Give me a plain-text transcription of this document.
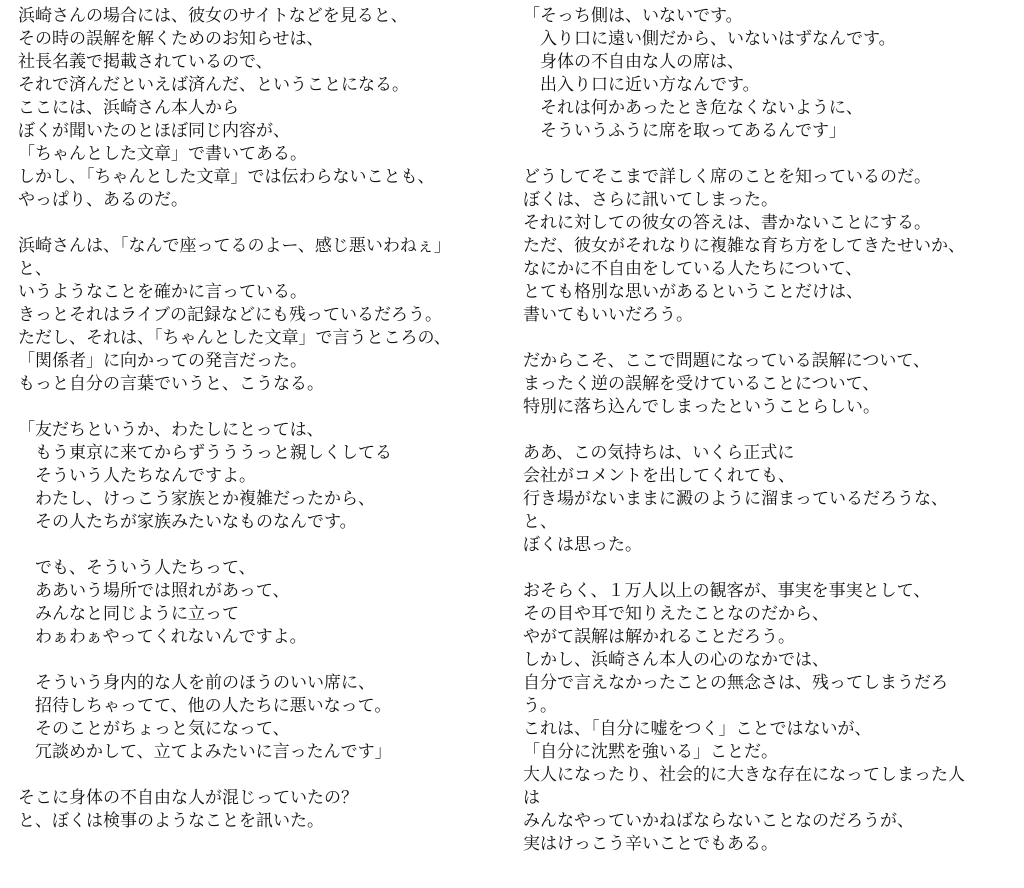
浜崎さんの場合には、彼女のサイトなどを見ると、
その時の誤解を解くためのお知らせは、
社長名義で掲載されているので、
それで済んだといえば済んだ、ということになる。
ここには、浜崎さん本人から
ぼくが聞いたのとほぼ同じ内容が、
「ちゃんとした文章」で書いてある。
しかし、「ちゃんとした文章」では伝わらないことも、
やっぱり、あるのだ。
浜崎さんは、「なんで座ってるのよー、感じ悪いわねぇ」
と、
いうようなことを確かに言っている。
きっとそれはライブの記録などにも残っているだろう。
ただし、それは、「ちゃんとした文章」で言うところの、
「関係者」に向かっての発言だった。
もっと自分の言葉でいうと、こうなる。
「友だちというか、わたしにとっては、
　もう東京に来てからずうううっと親しくしてる
　そういう人たちなんですよ。
　わたし、けっこう家族とか複雑だったから、
　その人たちが家族みたいなものなんです。
　でも、そういう人たちって、
　ああいう場所では照れがあって、
　みんなと同じように立って
　わぁわぁやってくれないんですよ。
　そういう身内的な人を前のほうのいい席に、
　招待しちゃってて、他の人たちに悪いなって。
　そのことがちょっと気になって、
　冗談めかして、立てよみたいに言ったんです」
そこに身体の不自由な人が混じっていたの？
と、ぼくは検事のようなことを訊いた。
「そっち側は、いないです。
　入り口に遠い側だから、いないはずなんです。
　身体の不自由な人の席は、
　出入り口に近い方なんです。
　それは何かあったとき危なくないように、
　そういうふうに席を取ってあるんです」
どうしてそこまで詳しく席のことを知っているのだ。
ぼくは、さらに訊いてしまった。
それに対しての彼女の答えは、書かないことにする。
ただ、彼女がそれなりに複雑な育ち方をしてきたせいか、
なにかに不自由をしている人たちについて、
とても格別な思いがあるということだけは、
書いてもいいだろう。
だからこそ、ここで問題になっている誤解について、
まったく逆の誤解を受けていることについて、
特別に落ち込んでしまったということらしい。
ああ、この気持ちは、いくら正式に
会社がコメントを出してくれても、
行き場がないままに澱のように溜まっているだろうな、
と、
ぼくは思った。
おそらく、１万人以上の観客が、事実を事実として、
その目や耳で知りえたことなのだから、
やがて誤解は解かれることだろう。
しかし、浜崎さん本人の心のなかでは、
自分で言えなかったことの無念さは、残ってしまうだろ
う。
これは、「自分に嘘をつく」ことではないが、
「自分に沈黙を強いる」ことだ。
大人になったり、社会的に大きな存在になってしまった人
は
みんなやっていかねばならないことなのだろうが、
実はけっこう辛いことでもある。
